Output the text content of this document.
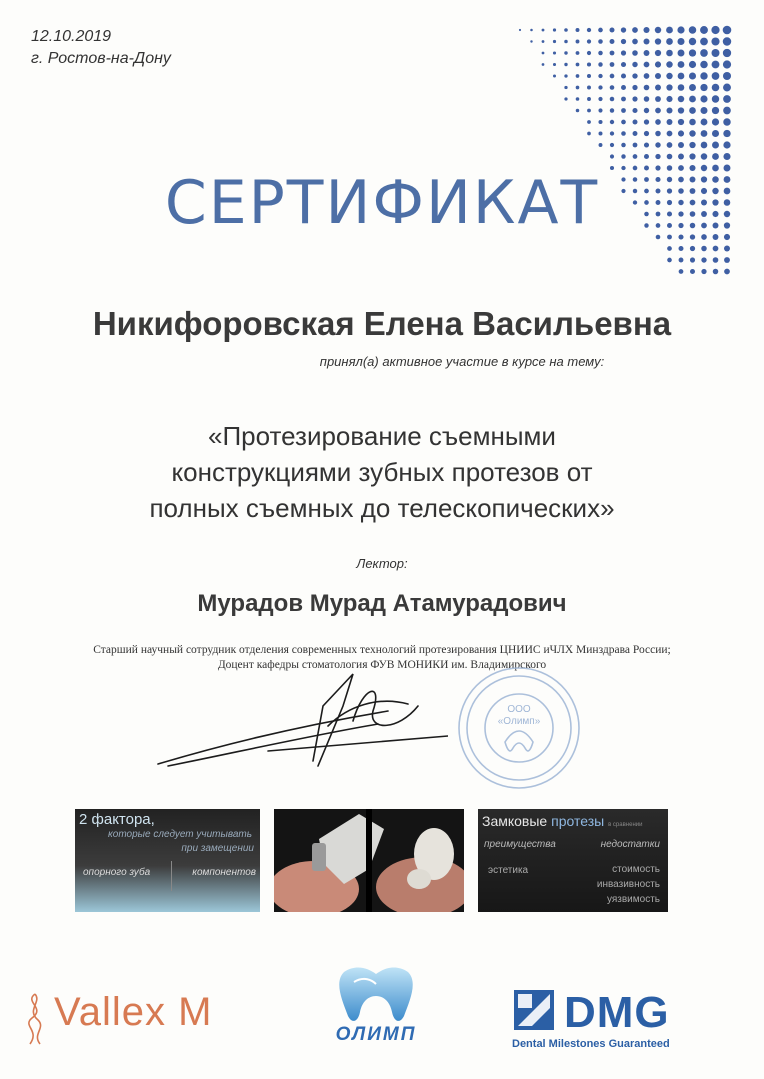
12.10.2019
г. Ростов-на-Дону
СЕРТИФИКАТ
Никифоровская Елена Васильевна
принял(а) активное участие в курсе на тему:
«Протезирование съемными
конструкциями зубных протезов от
полных съемных до телескопических»
Лектор:
Мурадов Мурад Атамурадович
Старший научный сотрудник отделения современных технологий протезирования ЦНИИС иЧЛХ Минздрава России;
Доцент кафедры стоматология ФУВ МОНИКИ им. Владимирского
ООО
«Олимп»
2 фактора,
которые следует учитывать
при замещении
опорного зуба	компонентов
Замковые протезы в сравнении
преимущества	недостатки
эстетика	стоимость
инвазивность
уязвимость
Vallex M
ОЛИМП	DMG
Dental Milestones Guaranteed
